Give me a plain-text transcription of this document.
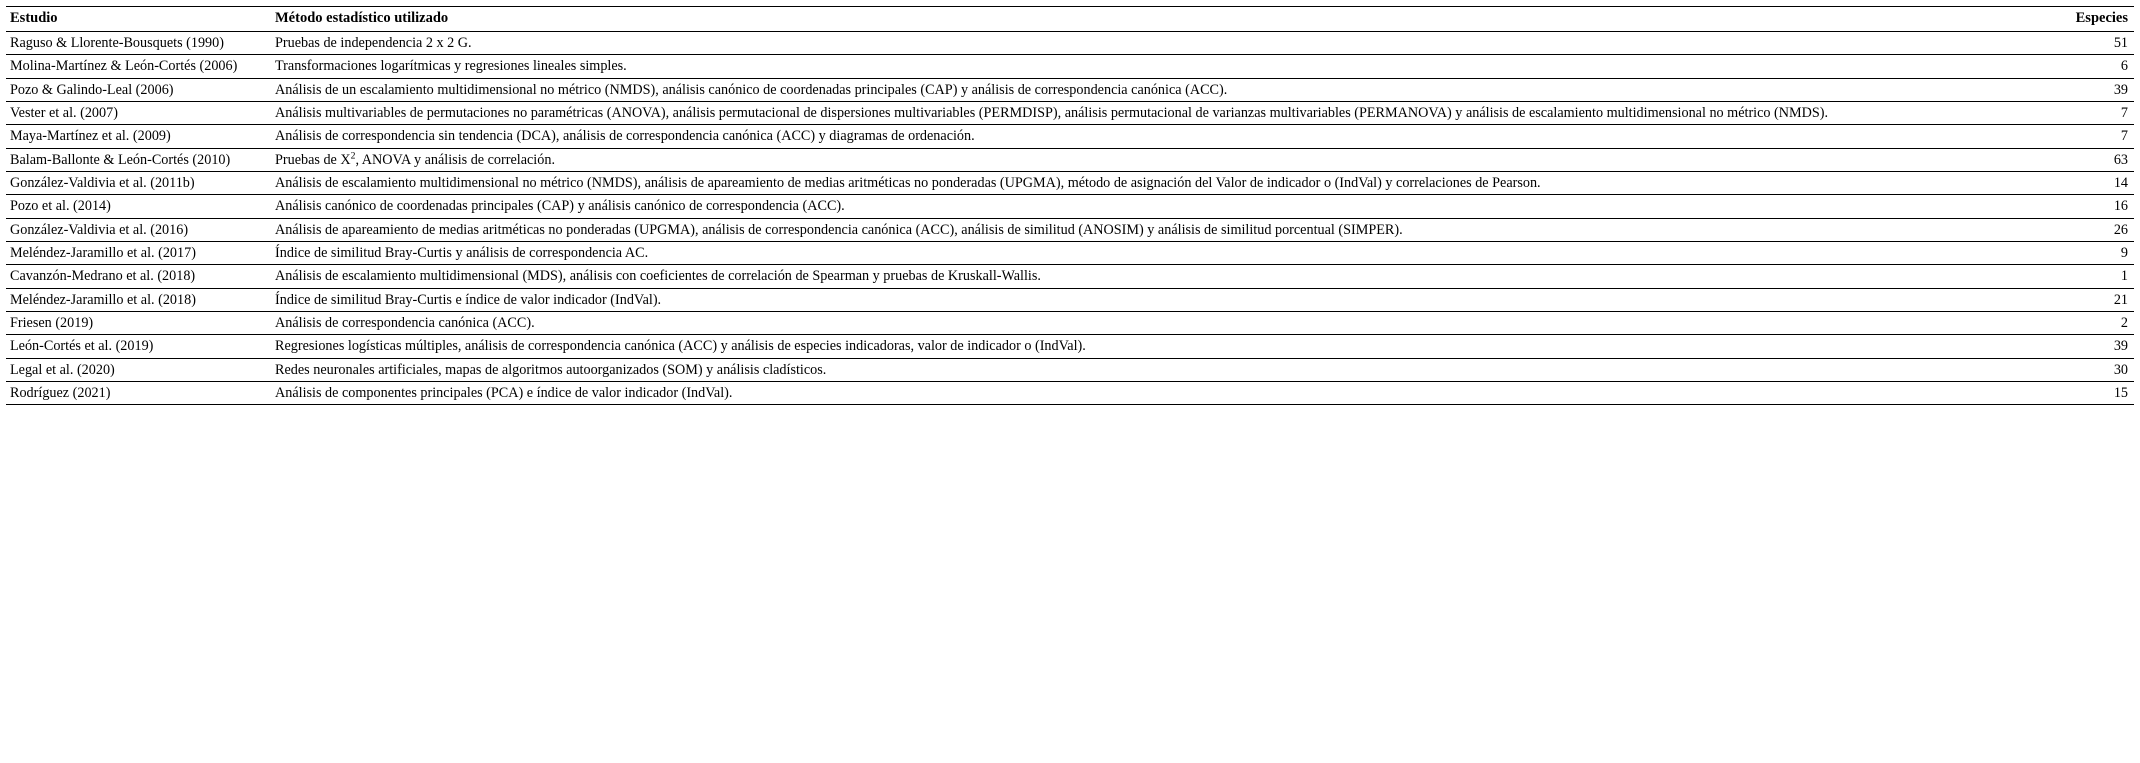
Estudio	Método estadístico utilizado	Especies
Raguso & Llorente-Bousquets (1990)	Pruebas de independencia 2 x 2 G.	51
Molina-Martínez & León-Cortés (2006)	Transformaciones logarítmicas y regresiones lineales simples.	6
Pozo & Galindo-Leal (2006)	Análisis de un escalamiento multidimensional no métrico (NMDS), análisis canónico de coordenadas principales (CAP) y análisis de correspondencia canónica (ACC).	39
Vester et al. (2007)	Análisis multivariables de permutaciones no paramétricas (ANOVA), análisis permutacional de dispersiones multivariables (PERMDISP), análisis permutacional de varianzas multivariables (PERMANOVA) y análisis de escalamiento multidimensional no métrico (NMDS).	7
Maya-Martínez et al. (2009)	Análisis de correspondencia sin tendencia (DCA), análisis de correspondencia canónica (ACC) y diagramas de ordenación.	7
Balam-Ballonte & León-Cortés (2010)	Pruebas de $X^2$, ANOVA y análisis de correlación.	63
González-Valdivia et al. (2011b)	Análisis de escalamiento multidimensional no métrico (NMDS), análisis de apareamiento de medias aritméticas no ponderadas (UPGMA), método de asignación del Valor de indicador o (IndVal) y correlaciones de Pearson.	14
Pozo et al. (2014)	Análisis canónico de coordenadas principales (CAP) y análisis canónico de correspondencia (ACC).	16
González-Valdivia et al. (2016)	Análisis de apareamiento de medias aritméticas no ponderadas (UPGMA), análisis de correspondencia canónica (ACC), análisis de similitud (ANOSIM) y análisis de similitud porcentual (SIMPER).	26
Meléndez-Jaramillo et al. (2017)	Índice de similitud Bray-Curtis y análisis de correspondencia AC.	9
Cavanzón-Medrano et al. (2018)	Análisis de escalamiento multidimensional (MDS), análisis con coeficientes de correlación de Spearman y pruebas de Kruskall-Wallis.	1
Meléndez-Jaramillo et al. (2018)	Índice de similitud Bray-Curtis e índice de valor indicador (IndVal).	21
Friesen (2019)	Análisis de correspondencia canónica (ACC).	2
León-Cortés et al. (2019)	Regresiones logísticas múltiples, análisis de correspondencia canónica (ACC) y análisis de especies indicadoras, valor de indicador o (IndVal).	39
Legal et al. (2020)	Redes neuronales artificiales, mapas de algoritmos autoorganizados (SOM) y análisis cladísticos.	30
Rodríguez (2021)	Análisis de componentes principales (PCA) e índice de valor indicador (IndVal).	15
